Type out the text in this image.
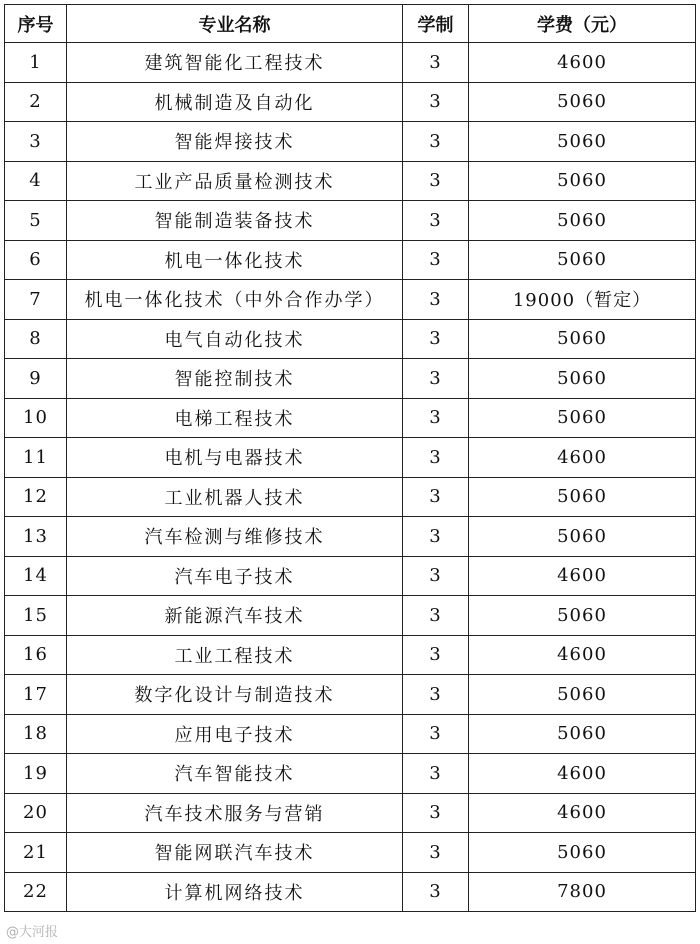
序号	专业名称	学制	学费（元）
1	建筑智能化工程技术	3	4600
2	机械制造及自动化	3	5060
3	智能焊接技术	3	5060
4	工业产品质量检测技术	3	5060
5	智能制造装备技术	3	5060
6	机电一体化技术	3	5060
7	机电一体化技术（中外合作办学）	3	19000（暂定）
8	电气自动化技术	3	5060
9	智能控制技术	3	5060
10	电梯工程技术	3	5060
11	电机与电器技术	3	4600
12	工业机器人技术	3	5060
13	汽车检测与维修技术	3	5060
14	汽车电子技术	3	4600
15	新能源汽车技术	3	5060
16	工业工程技术	3	4600
17	数字化设计与制造技术	3	5060
18	应用电子技术	3	5060
19	汽车智能技术	3	4600
20	汽车技术服务与营销	3	4600
21	智能网联汽车技术	3	5060
22	计算机网络技术	3	7800
@大河报
